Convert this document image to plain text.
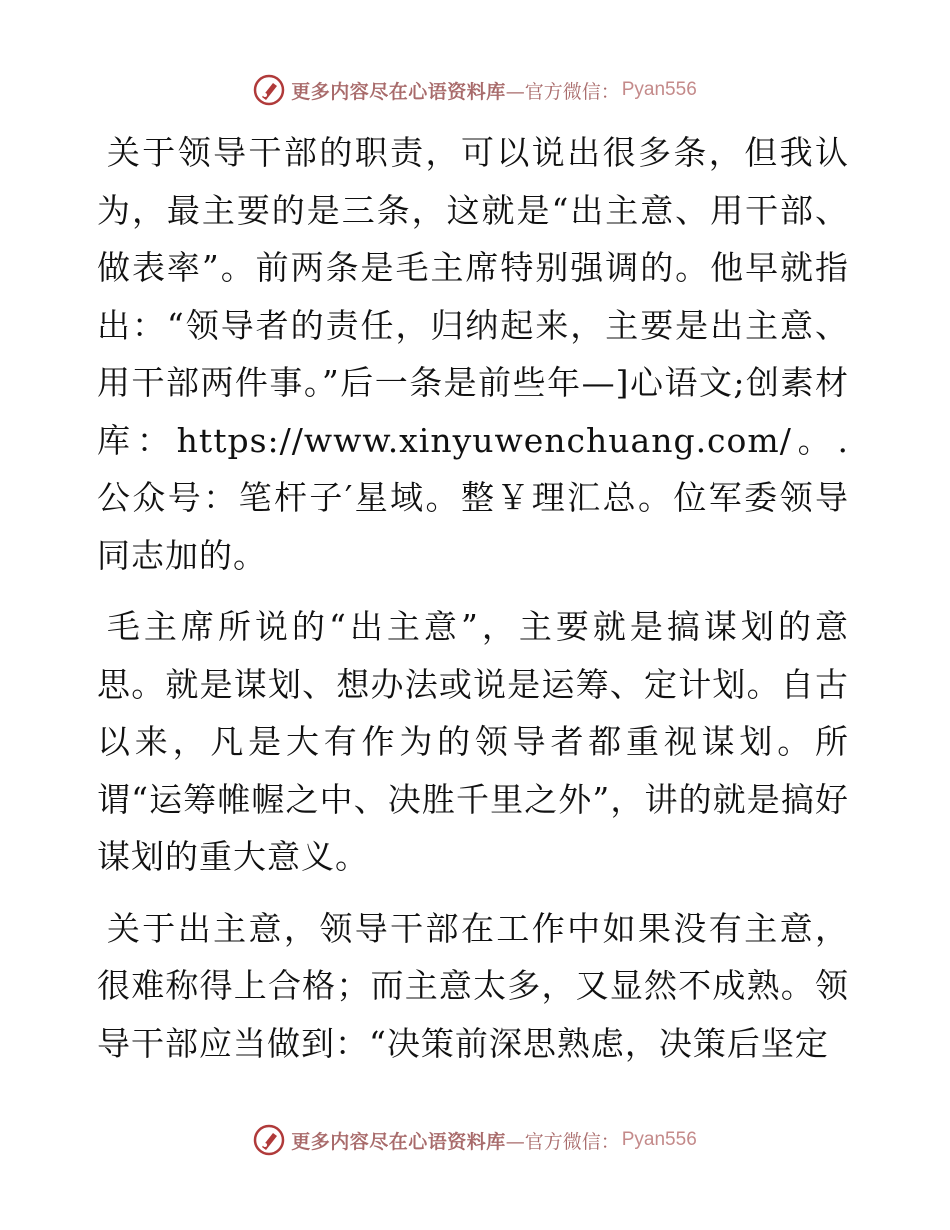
更多内容尽在心语资料库 —官方微信： Pyan556

关于领导干部的职责，可以说出很多条，但我认为，最主要的是三条，这就是“出主意、用干部、做表率”。前两条是毛主席特别强调的。他早就指出：“领导者的责任，归纳起来，主要是出主意、用干部两件事。”后一条是前些年—]心语文;创素材库：https://www.xinyuwenchuang.com/。.公众号：笔杆子′星域。整￥理汇总。位军委领导同志加的。

毛主席所说的“出主意”，主要就是搞谋划的意思。就是谋划、想办法或说是运筹、定计划。自古以来，凡是大有作为的领导者都重视谋划。所谓“运筹帷幄之中、决胜千里之外”，讲的就是搞好谋划的重大意义。

关于出主意，领导干部在工作中如果没有主意，很难称得上合格；而主意太多，又显然不成熟。领导干部应当做到：“决策前深思熟虑，决策后坚定

更多内容尽在心语资料库 —官方微信： Pyan556
